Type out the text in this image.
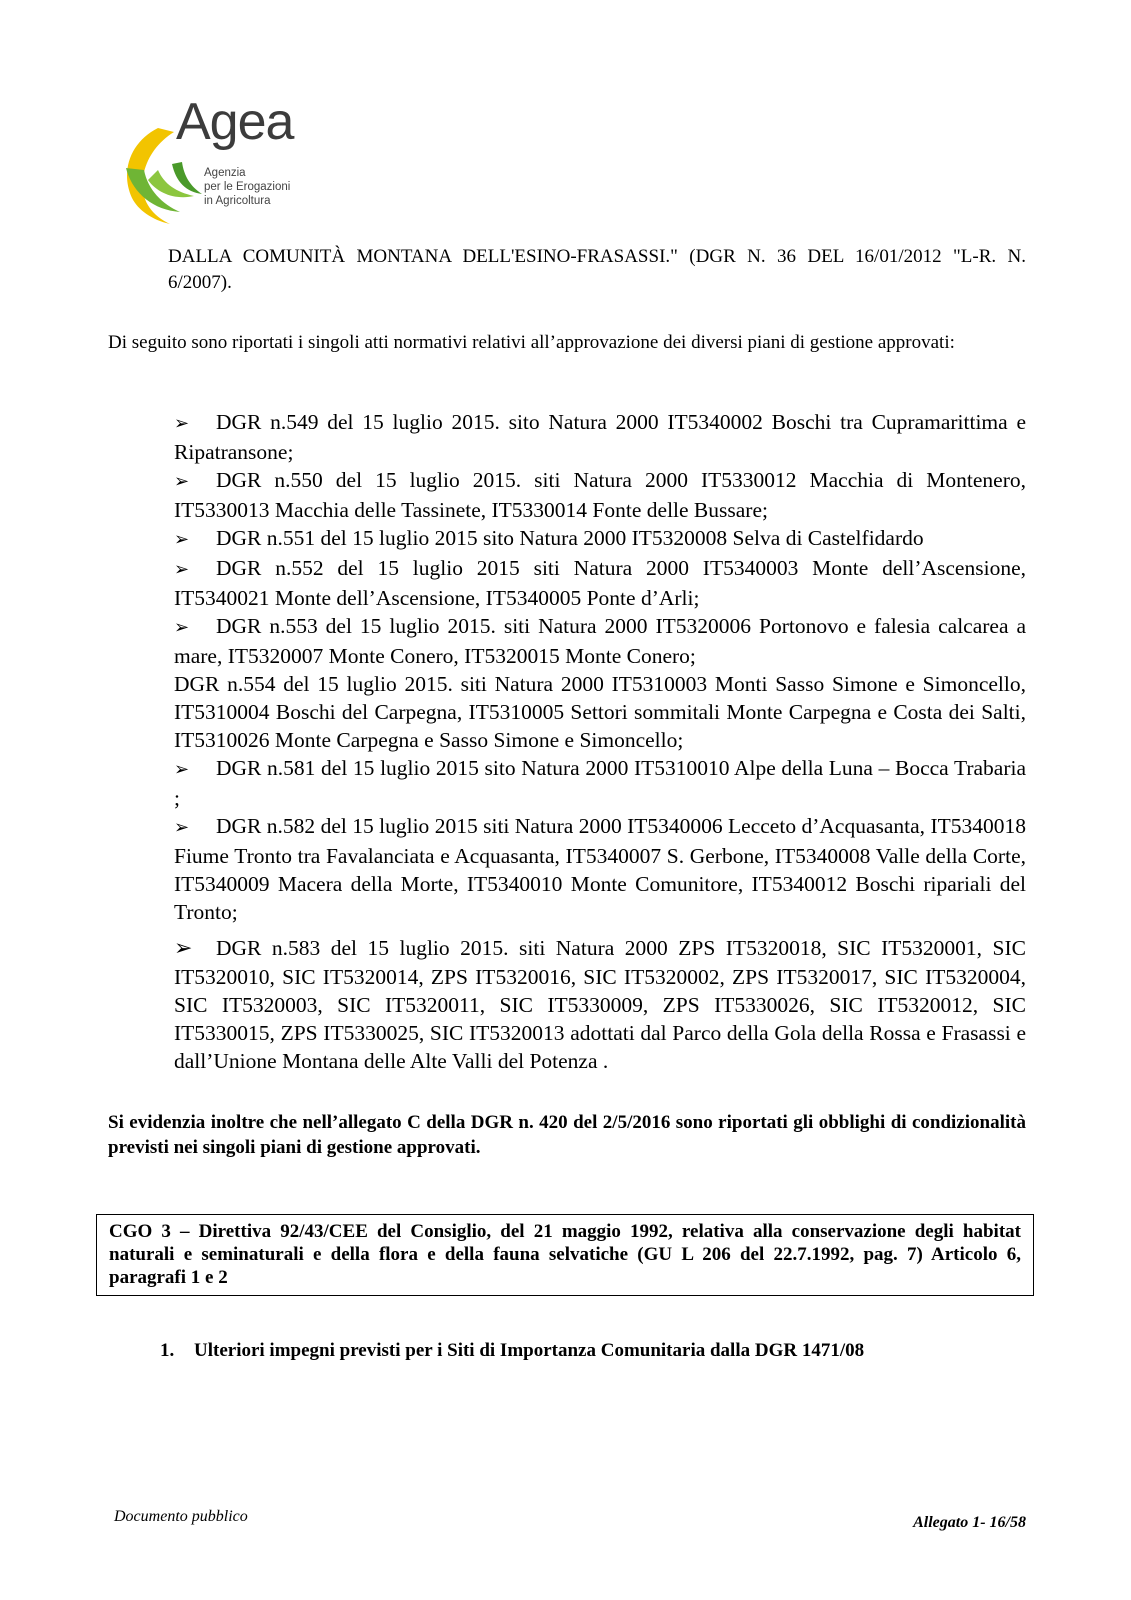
Agea
Agenzia
per le Erogazioni
in Agricoltura
DALLA COMUNITÀ MONTANA DELL'ESINO-FRASASSI." (DGR N. 36 DEL 16/01/2012 "L-R. N. 6/2007).
Di seguito sono riportati i singoli atti normativi relativi all’approvazione dei diversi piani di gestione approvati:

➢ DGR n.549 del 15 luglio 2015. sito Natura 2000 IT5340002 Boschi tra Cupramarittima e Ripatransone;

➢ DGR n.550 del 15 luglio 2015. siti Natura 2000 IT5330012 Macchia di Montenero, IT5330013 Macchia delle Tassinete, IT5330014 Fonte delle Bussare;

➢ DGR n.551 del 15 luglio 2015 sito Natura 2000 IT5320008 Selva di Castelfidardo

➢ DGR n.552 del 15 luglio 2015 siti Natura 2000 IT5340003 Monte dell’Ascensione, IT5340021 Monte dell’Ascensione, IT5340005 Ponte d’Arli;

➢ DGR n.553 del 15 luglio 2015. siti Natura 2000 IT5320006 Portonovo e falesia calcarea a mare, IT5320007 Monte Conero, IT5320015 Monte Conero;

DGR n.554 del 15 luglio 2015. siti Natura 2000 IT5310003 Monti Sasso Simone e Simoncello, IT5310004 Boschi del Carpegna, IT5310005 Settori sommitali Monte Carpegna e Costa dei Salti, IT5310026 Monte Carpegna e Sasso Simone e Simoncello;

➢ DGR n.581 del 15 luglio 2015 sito Natura 2000 IT5310010 Alpe della Luna – Bocca Trabaria ;

➢ DGR n.582 del 15 luglio 2015 siti Natura 2000 IT5340006 Lecceto d’Acquasanta, IT5340018 Fiume Tronto tra Favalanciata e Acquasanta, IT5340007 S. Gerbone, IT5340008 Valle della Corte, IT5340009 Macera della Morte, IT5340010 Monte Comunitore, IT5340012 Boschi ripariali del Tronto;

➢ DGR n.583 del 15 luglio 2015. siti Natura 2000 ZPS IT5320018, SIC IT5320001, SIC IT5320010, SIC IT5320014, ZPS IT5320016, SIC IT5320002, ZPS IT5320017, SIC IT5320004, SIC IT5320003, SIC IT5320011, SIC IT5330009, ZPS IT5330026, SIC IT5320012, SIC IT5330015, ZPS IT5330025, SIC IT5320013 adottati dal Parco della Gola della Rossa e Frasassi e dall’Unione Montana delle Alte Valli del Potenza .

Si evidenzia inoltre che nell’allegato C della DGR n. 420 del 2/5/2016 sono riportati gli obblighi di condizionalità previsti nei singoli piani di gestione approvati.
CGO 3 – Direttiva 92/43/CEE del Consiglio, del 21 maggio 1992, relativa alla conservazione degli habitat naturali e seminaturali e della flora e della fauna selvatiche (GU L 206 del 22.7.1992, pag. 7) Articolo 6, paragrafi 1 e 2
1. Ulteriori impegni previsti per i Siti di Importanza Comunitaria dalla DGR 1471/08
Documento pubblico	Allegato 1- 16/58
